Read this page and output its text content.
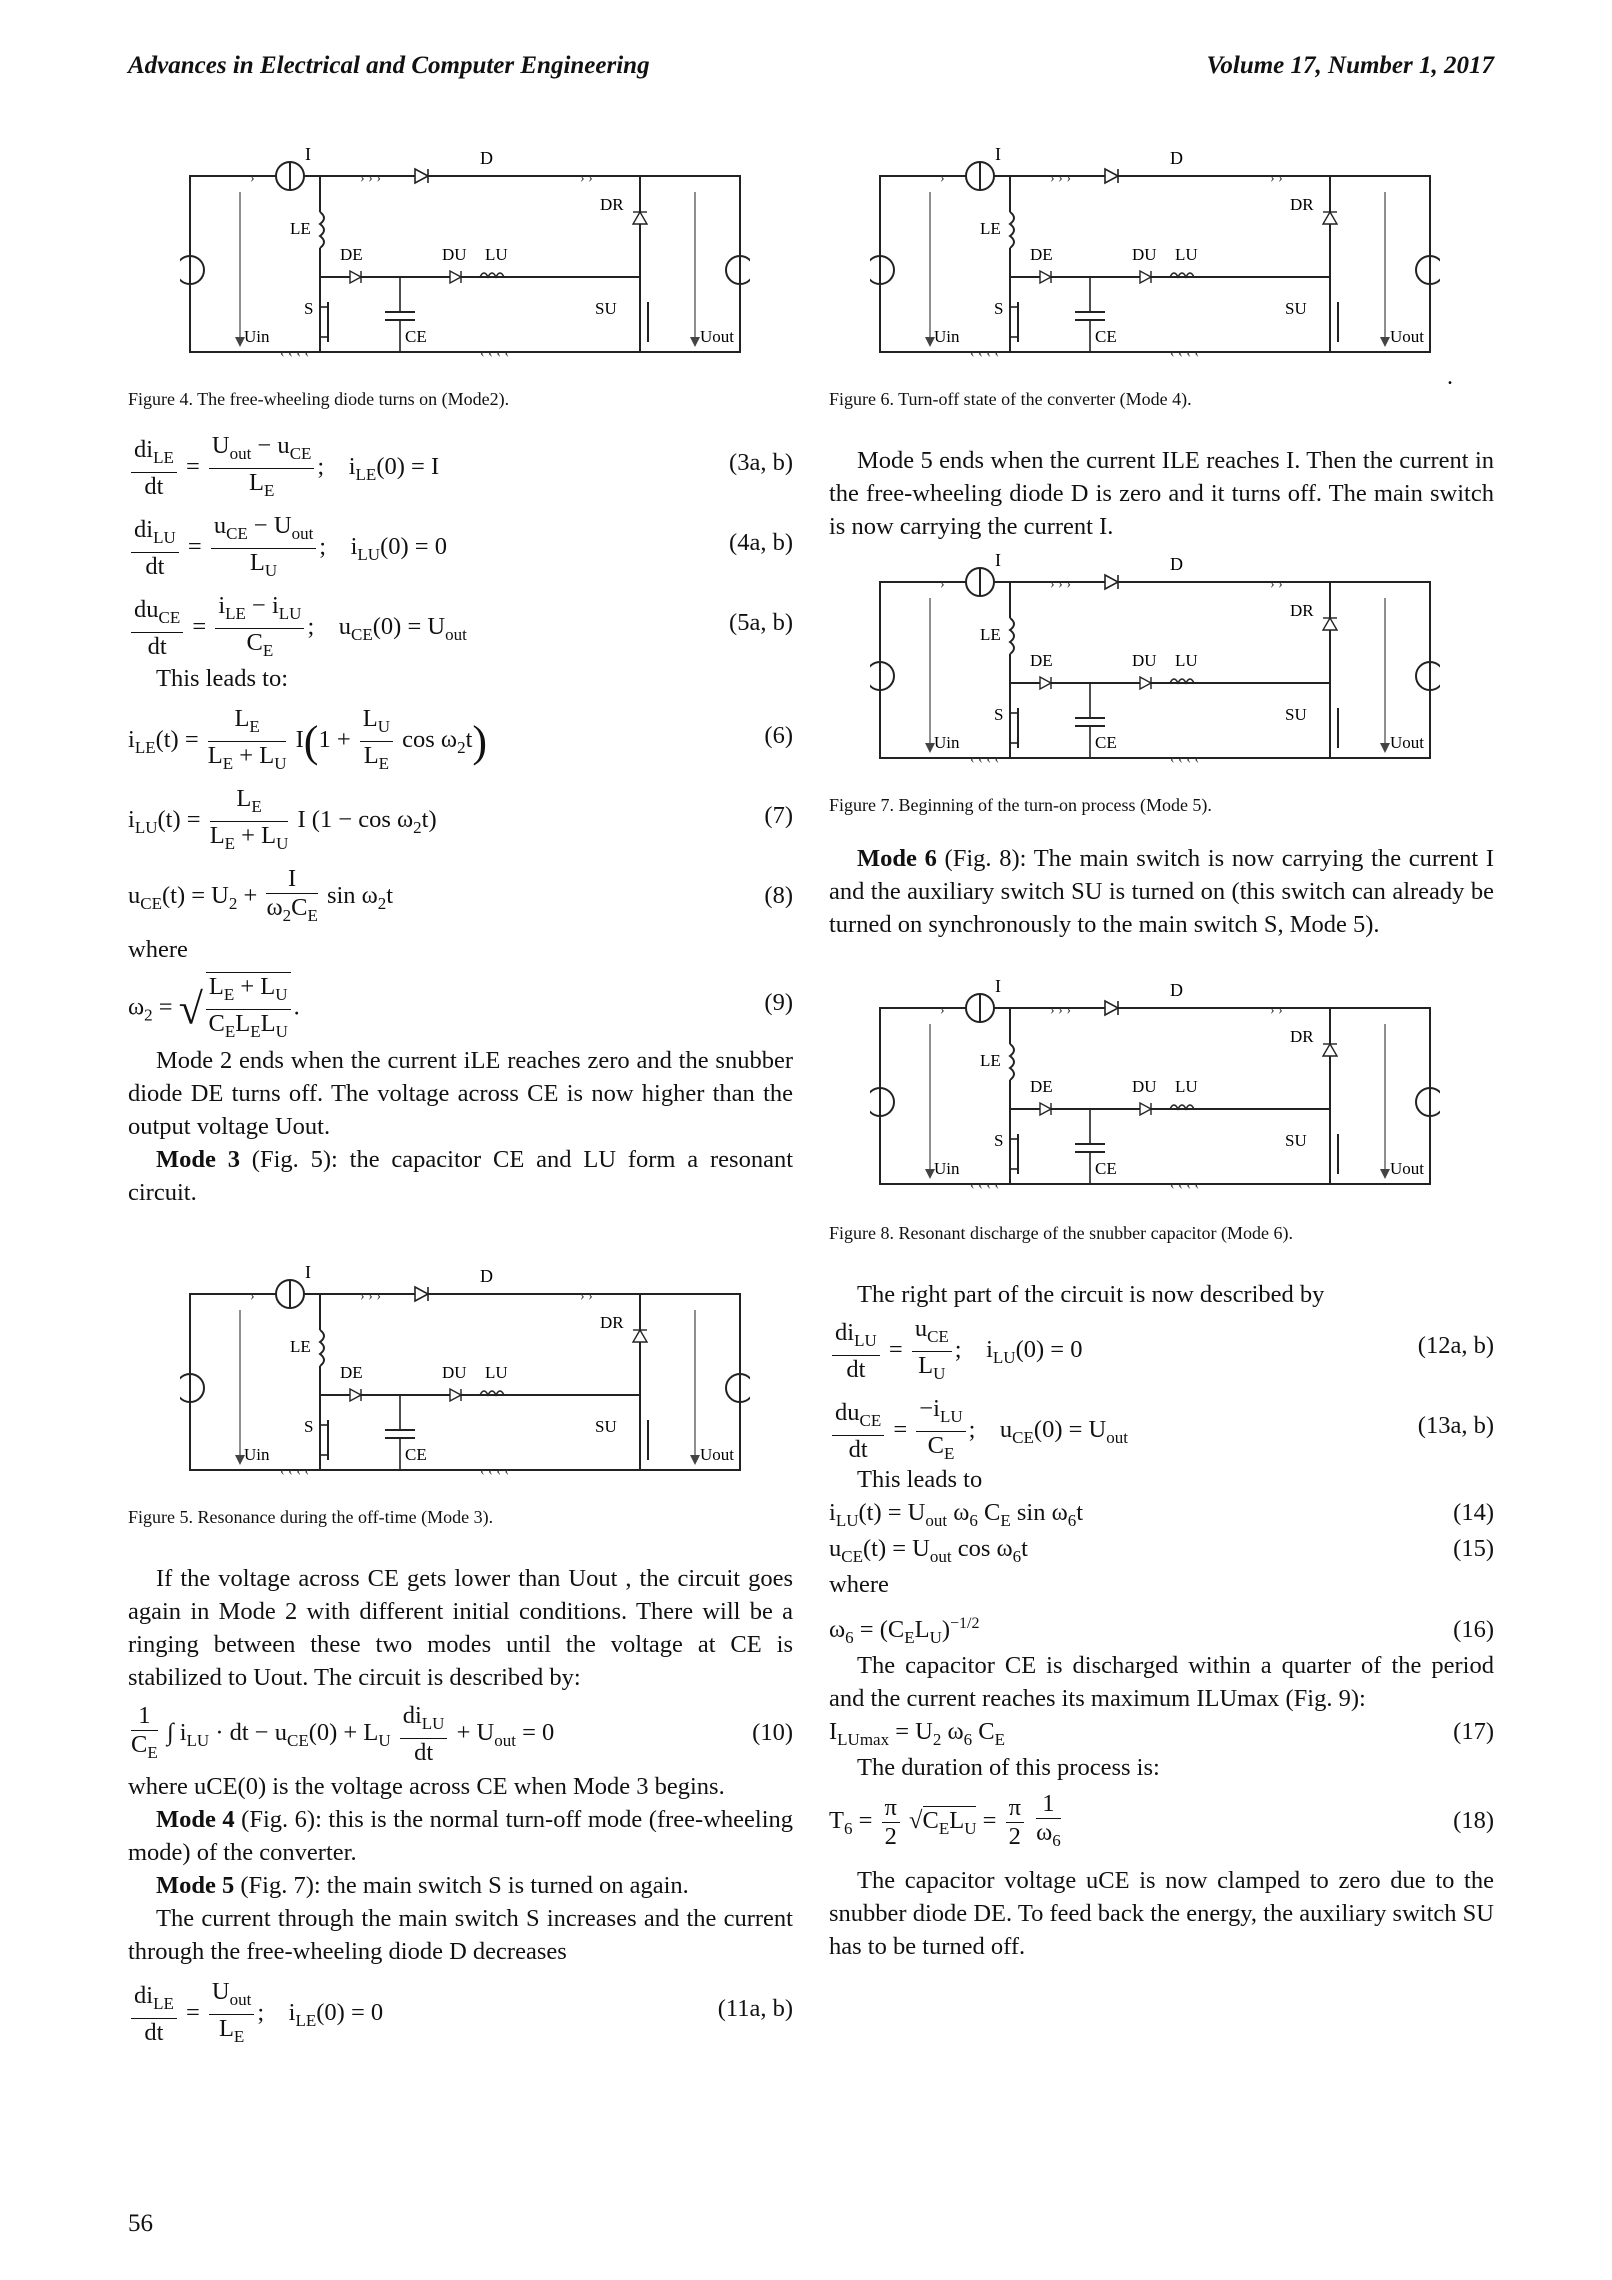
Advances in Electrical and Computer Engineering	Volume 17, Number 1, 2017
I	D
LE
DR
DE	DU LU
S	SU
CE
Uin	Uout

Figure 4. The free-wheeling diode turns on (Mode2).

$\frac{di_{LE}}{dt} = \frac{U_{out} - u_{CE}}{L_E}$ ;    $i_{LE}(0) = I$	(3a, b)
$\frac{di_{LU}}{dt} = \frac{u_{CE} - U_{out}}{L_U}$ ;    $i_{LU}(0) = 0$	(4a, b)
$\frac{du_{CE}}{dt} = \frac{i_{LE} - i_{LU}}{C_E}$ ;    $u_{CE}(0) = U_{out}$	(5a, b)

This leads to:

$i_{LE}(t) = \frac{L_E}{L_E + L_U} I(1 + \frac{L_U}{L_E}$ $\cos \omega_2t$)	(6)
$i_{LU}(t) = \frac{L_E}{L_E + L_U}$ I $(1 - \cos \omega_2t)$	(7)
$u_{CE}(t) = U_2 + \frac{I}{\omega_2C_E}$ $\sin \omega_2t$	(8)

where

$\omega_2$ = √ $\frac{L_E + L_U}{C_EL_EL_U}$ .	(9)

Mode 2 ends when the current iLE reaches zero and the snubber diode DE turns off. The voltage across CE is now higher than the output voltage Uout.

Mode 3 (Fig. 5): the capacitor CE and LU form a resonant circuit.

I	D
LE
DR
DE	DU LU
S	SU
CE
Uin	Uout

Figure 5. Resonance during the off-time (Mode 3).

If the voltage across CE gets lower than Uout , the circuit goes again in Mode 2 with different initial conditions. There will be a ringing between these two modes until the voltage at CE is stabilized to Uout. The circuit is described by:

$\frac{1}{C_E}$ ∫ $i_{LU}$ · dt − $u_{CE}(0) + L_U \frac{di_{LU}}{dt} + U_{out} = 0$	(10)

where uCE(0) is the voltage across CE when Mode 3 begins.

Mode 4 (Fig. 6): this is the normal turn-off mode (free-wheeling mode) of the converter.

Mode 5 (Fig. 7): the main switch S is turned on again.

The current through the main switch S increases and the current through the free-wheeling diode D decreases

$\frac{di_{LE}}{dt} = \frac{U_{out}}{L_E}$ ;    $i_{LE}(0) = 0$	(11a, b)
I	D
LE
DR
DE	DU LU
S	SU
CE
Uin	Uout
.

Figure 6. Turn-off state of the converter (Mode 4).

Mode 5 ends when the current ILE reaches I. Then the current in the free-wheeling diode D is zero and it turns off. The main switch is now carrying the current I.

I	D
LE
DR
DE	DU LU
S	SU
CE
Uin	Uout

Figure 7. Beginning of the turn-on process (Mode 5).

Mode 6 (Fig. 8): The main switch is now carrying the current I and the auxiliary switch SU is turned on (this switch can already be turned on synchronously to the main switch S, Mode 5).

I	D
LE
DR
DE	DU LU
S	SU
CE
Uin	Uout

Figure 8. Resonant discharge of the snubber capacitor (Mode 6).

The right part of the circuit is now described by

$\frac{di_{LU}}{dt} = \frac{u_{CE}}{L_U}$ ;    $i_{LU}(0) = 0$	(12a, b)
$\frac{du_{CE}}{dt} = \frac{-i_{LU}}{C_E}$ ;    $u_{CE}(0) = U_{out}$	(13a, b)

This leads to

$i_{LU}(t) = U_{out}$ $\omega_6$ $C_E$ $\sin \omega_6t$	(14)
$u_{CE}(t) = U_{out}$ $\cos \omega_6t$	(15)

where

$\omega_6 = (C_EL_U)^{-1/2}$	(16)

The capacitor CE is discharged within a quarter of the period and the current reaches its maximum ILUmax (Fig. 9):

$I_{LUmax} = U_2$ $\omega_6$ $C_E$	(17)

The duration of this process is:

$T_6 = \frac{\pi}{2} √C_EL_U = \frac{\pi}{2}$
$\frac{1}{\omega_6}$	(18)

The capacitor voltage uCE is now clamped to zero due to the snubber diode DE. To feed back the energy, the auxiliary switch SU has to be turned off.

56
